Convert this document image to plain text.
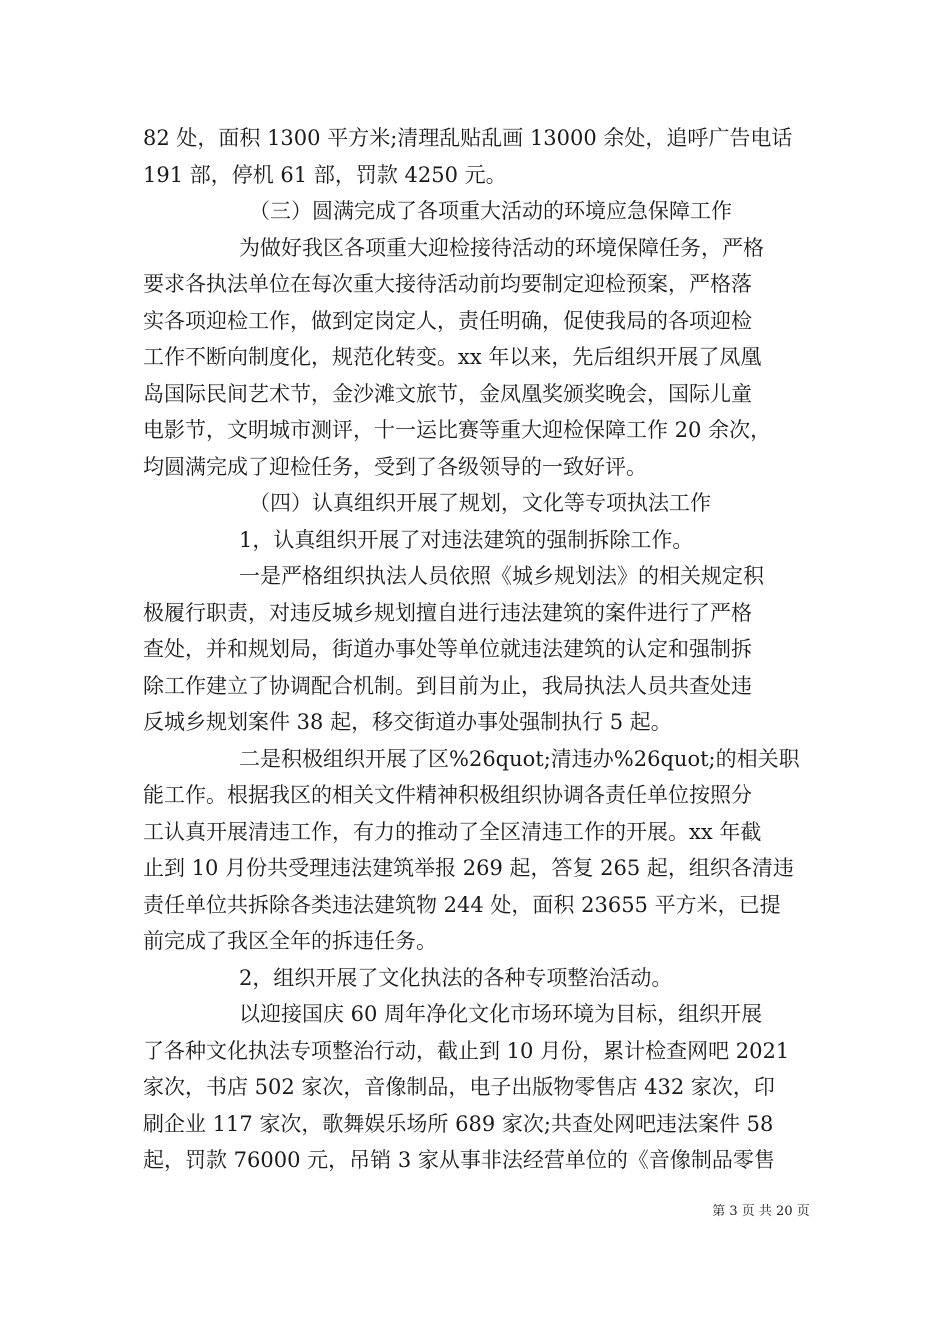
82 处，面积 1300 平方米;清理乱贴乱画 13000 余处，追呼广告电话
191 部，停机 61 部，罚款 4250 元。
（三）圆满完成了各项重大活动的环境应急保障工作
为做好我区各项重大迎检接待活动的环境保障任务，严格
要求各执法单位在每次重大接待活动前均要制定迎检预案，严格落
实各项迎检工作，做到定岗定人，责任明确，促使我局的各项迎检
工作不断向制度化，规范化转变。xx 年以来，先后组织开展了凤凰
岛国际民间艺术节，金沙滩文旅节，金凤凰奖颁奖晚会，国际儿童
电影节，文明城市测评，十一运比赛等重大迎检保障工作 20 余次，
均圆满完成了迎检任务，受到了各级领导的一致好评。
（四）认真组织开展了规划，文化等专项执法工作
1，认真组织开展了对违法建筑的强制拆除工作。
一是严格组织执法人员依照《城乡规划法》的相关规定积
极履行职责，对违反城乡规划擅自进行违法建筑的案件进行了严格
查处，并和规划局，街道办事处等单位就违法建筑的认定和强制拆
除工作建立了协调配合机制。到目前为止，我局执法人员共查处违
反城乡规划案件 38 起，移交街道办事处强制执行 5 起。
二是积极组织开展了区%26quot;清违办%26quot;的相关职
能工作。根据我区的相关文件精神积极组织协调各责任单位按照分
工认真开展清违工作，有力的推动了全区清违工作的开展。xx 年截
止到 10 月份共受理违法建筑举报 269 起，答复 265 起，组织各清违
责任单位共拆除各类违法建筑物 244 处，面积 23655 平方米，已提
前完成了我区全年的拆违任务。
2，组织开展了文化执法的各种专项整治活动。
以迎接国庆 60 周年净化文化市场环境为目标，组织开展
了各种文化执法专项整治行动，截止到 10 月份，累计检查网吧 2021
家次，书店 502 家次，音像制品，电子出版物零售店 432 家次，印
刷企业 117 家次，歌舞娱乐场所 689 家次;共查处网吧违法案件 58
起，罚款 76000 元，吊销 3 家从事非法经营单位的《音像制品零售
第 3 页 共 20 页
